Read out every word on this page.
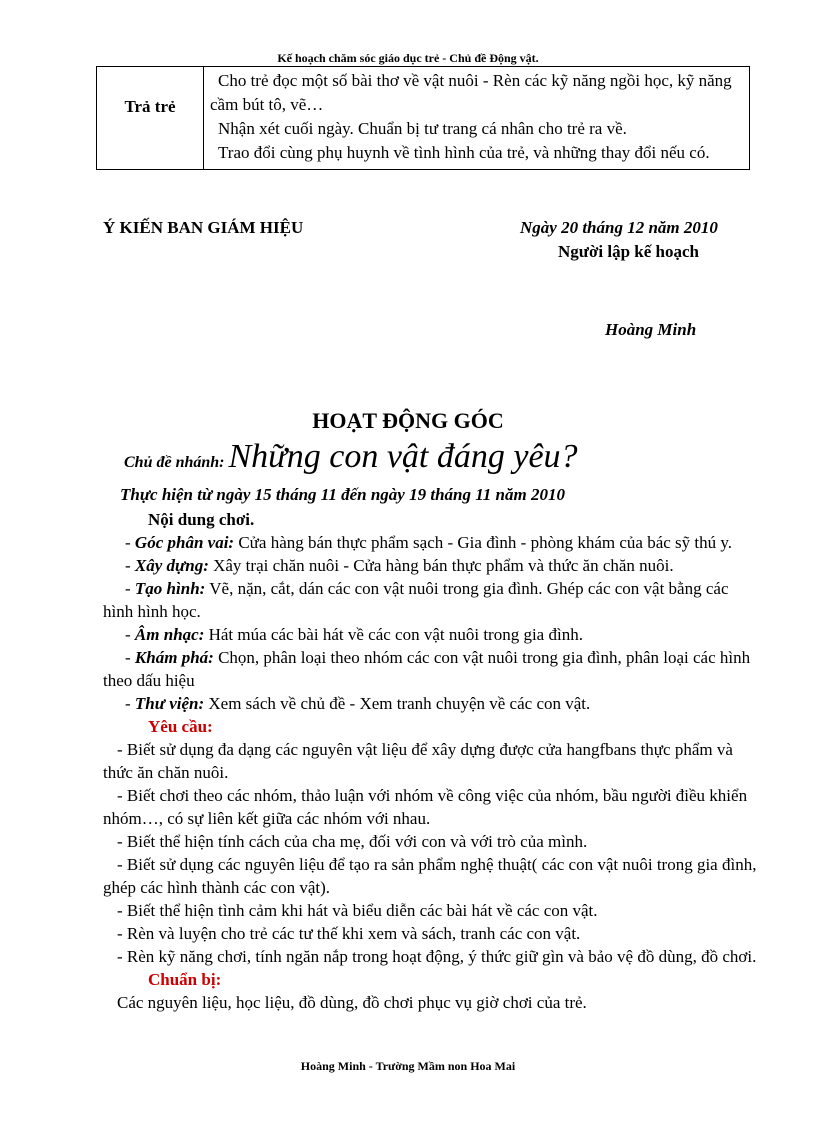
Kế hoạch chăm sóc giáo dục trẻ - Chủ đề Động vật.
Trả trẻ	

Cho trẻ đọc một số bài thơ về vật nuôi - Rèn các kỹ năng ngồi học, kỹ năng cầm bút tô, vẽ…

Nhận xét cuối ngày. Chuẩn bị tư trang cá nhân cho trẻ ra về.

Trao đổi cùng phụ huynh về tình hình của trẻ, và những thay đổi nếu có.

Ý KIẾN BAN GIÁM HIỆU	Ngày 20 tháng 12 năm 2010
Người lập kế hoạch
Hoàng Minh
HOẠT ĐỘNG GÓC
Chủ đề nhánh: Những con vật đáng yêu?
Thực hiện từ ngày 15 tháng 11 đến ngày 19 tháng 11 năm 2010

Nội dung chơi.

- Góc phân vai: Cửa hàng bán thực phẩm sạch - Gia đình - phòng khám của bác sỹ thú y.

- Xây dựng: Xây trại chăn nuôi - Cửa hàng bán thực phẩm và thức ăn chăn nuôi.

- Tạo hình: Vẽ, nặn, cắt, dán các con vật nuôi trong gia đình. Ghép các con vật bằng các hình hình học.

- Âm nhạc: Hát múa các bài hát về các con vật nuôi trong gia đình.

- Khám phá: Chọn, phân loại theo nhóm các con vật nuôi trong gia đình, phân loại các hình theo dấu hiệu

- Thư viện: Xem sách về chủ đề - Xem tranh chuyện về các con vật.

Yêu cầu:

- Biết sử dụng đa dạng các nguyên vật liệu để xây dựng được cửa hangfbans thực phẩm và thức ăn chăn nuôi.

- Biết chơi theo các nhóm, thảo luận với nhóm về công việc của nhóm, bầu người điều khiển nhóm…, có sự liên kết giữa các nhóm với nhau.

- Biết thể hiện tính cách của cha mẹ, đối với con và với trò của mình.

- Biết sử dụng các nguyên liệu để tạo ra sản phẩm nghệ thuật( các con vật nuôi trong gia đình, ghép các hình thành các con vật).

- Biết thể hiện tình cảm khi hát và biểu diễn các bài hát về các con vật.

- Rèn và luyện cho trẻ các tư thế khi xem và sách, tranh các con vật.

- Rèn kỹ năng chơi, tính ngăn nắp trong hoạt động, ý thức giữ gìn và bảo vệ đồ dùng, đồ chơi.

Chuẩn bị:

Các nguyên liệu, học liệu, đồ dùng, đồ chơi phục vụ giờ chơi của trẻ.

Hoàng Minh - Trường Mầm non Hoa Mai
